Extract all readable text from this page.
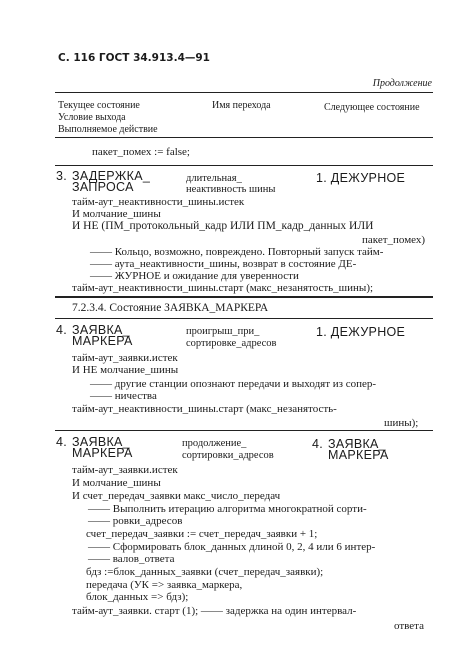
С. 116 ГОСТ 34.913.4—91
Продолжение
Текущее состояние
Условие выхода
Выполняемое действие
Имя перехода	Следующее состояние
пакет_помех := false;
3. ЗАДЕРЖКА_
ЗАПРОСА
длительная_
неактивность шины
1. ДЕЖУРНОЕ
тайм-аут_неактивности_шины.истек
И молчание_шины
И НЕ (ПМ_протокольный_кадр ИЛИ ПМ_кадр_данных ИЛИ
пакет_помех)
—— Кольцо, возможно, повреждено. Повторный запуск тайм-
—— аута_неактивности_шины, возврат в состояние ДЕ-
—— ЖУРНОЕ и ожидание для уверенности
тайм-аут_неактивности_шины.старт (макс_незанятость_шины);
7.2.3.4. Состояние ЗАЯВКА_МАРКЕРА
4. ЗАЯВКА_
МАРКЕРА
проигрыш_при_
сортировке_адресов
1. ДЕЖУРНОЕ
тайм-аут_заявки.истек
И НЕ молчание_шины
—— другие станции опознают передачи и выходят из сопер-
—— ничества
тайм-аут_неактивности_шины.старт (макс_незанятость-
шины);
4. ЗАЯВКА_
МАРКЕРА
продолжение_
сортировки_адресов
4. ЗАЯВКА_
МАРКЕРА
тайм-аут_заявки.истек
И молчание_шины
И счет_передач_заявки макс_число_передач
—— Выполнить итерацию алгоритма многократной сорти-
—— ровки_адресов
счет_передач_заявки := счет_передач_заявки + 1;
—— Сформировать блок_данных длиной 0, 2, 4 или 6 интер-
—— валов_ответа
бдз :=блок_данных_заявки (счет_передач_заявки);
передача (УК => заявка_маркера,
блок_данных => бдз);
тайм-аут_заявки. старт (1); —— задержка на один интервал-
ответа
